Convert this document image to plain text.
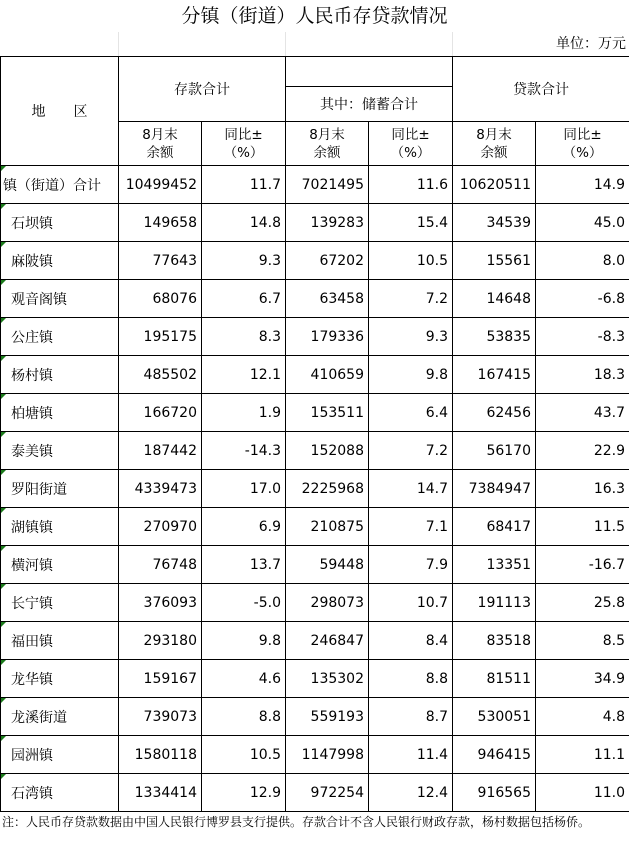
分镇（街道）人民币存贷款情况
单位：万元
地　　区	存款合计				贷款合计	
			其中：储蓄合计			

	8月末余额	同比±（%）	8月末余额	同比±（%）	8月末余额	同比±（%）

镇（街道）合计	10499452	11.7	7021495	11.6	10620511	14.9
石坝镇	149658	14.8	139283	15.4	34539	45.0
麻陂镇	77643	9.3	67202	10.5	15561	8.0
观音阁镇	68076	6.7	63458	7.2	14648	-6.8
公庄镇	195175	8.3	179336	9.3	53835	-8.3
杨村镇	485502	12.1	410659	9.8	167415	18.3
柏塘镇	166720	1.9	153511	6.4	62456	43.7
泰美镇	187442	-14.3	152088	7.2	56170	22.9
罗阳街道	4339473	17.0	2225968	14.7	7384947	16.3
湖镇镇	270970	6.9	210875	7.1	68417	11.5
横河镇	76748	13.7	59448	7.9	13351	-16.7
长宁镇	376093	-5.0	298073	10.7	191113	25.8
福田镇	293180	9.8	246847	8.4	83518	8.5
龙华镇	159167	4.6	135302	8.8	81511	34.9
龙溪街道	739073	8.8	559193	8.7	530051	4.8
园洲镇	1580118	10.5	1147998	11.4	946415	11.1
石湾镇	1334414	12.9	972254	12.4	916565	11.0
注：人民币存贷款数据由中国人民银行博罗县支行提供。存款合计不含人民银行财政存款，杨村数据包括杨侨。
